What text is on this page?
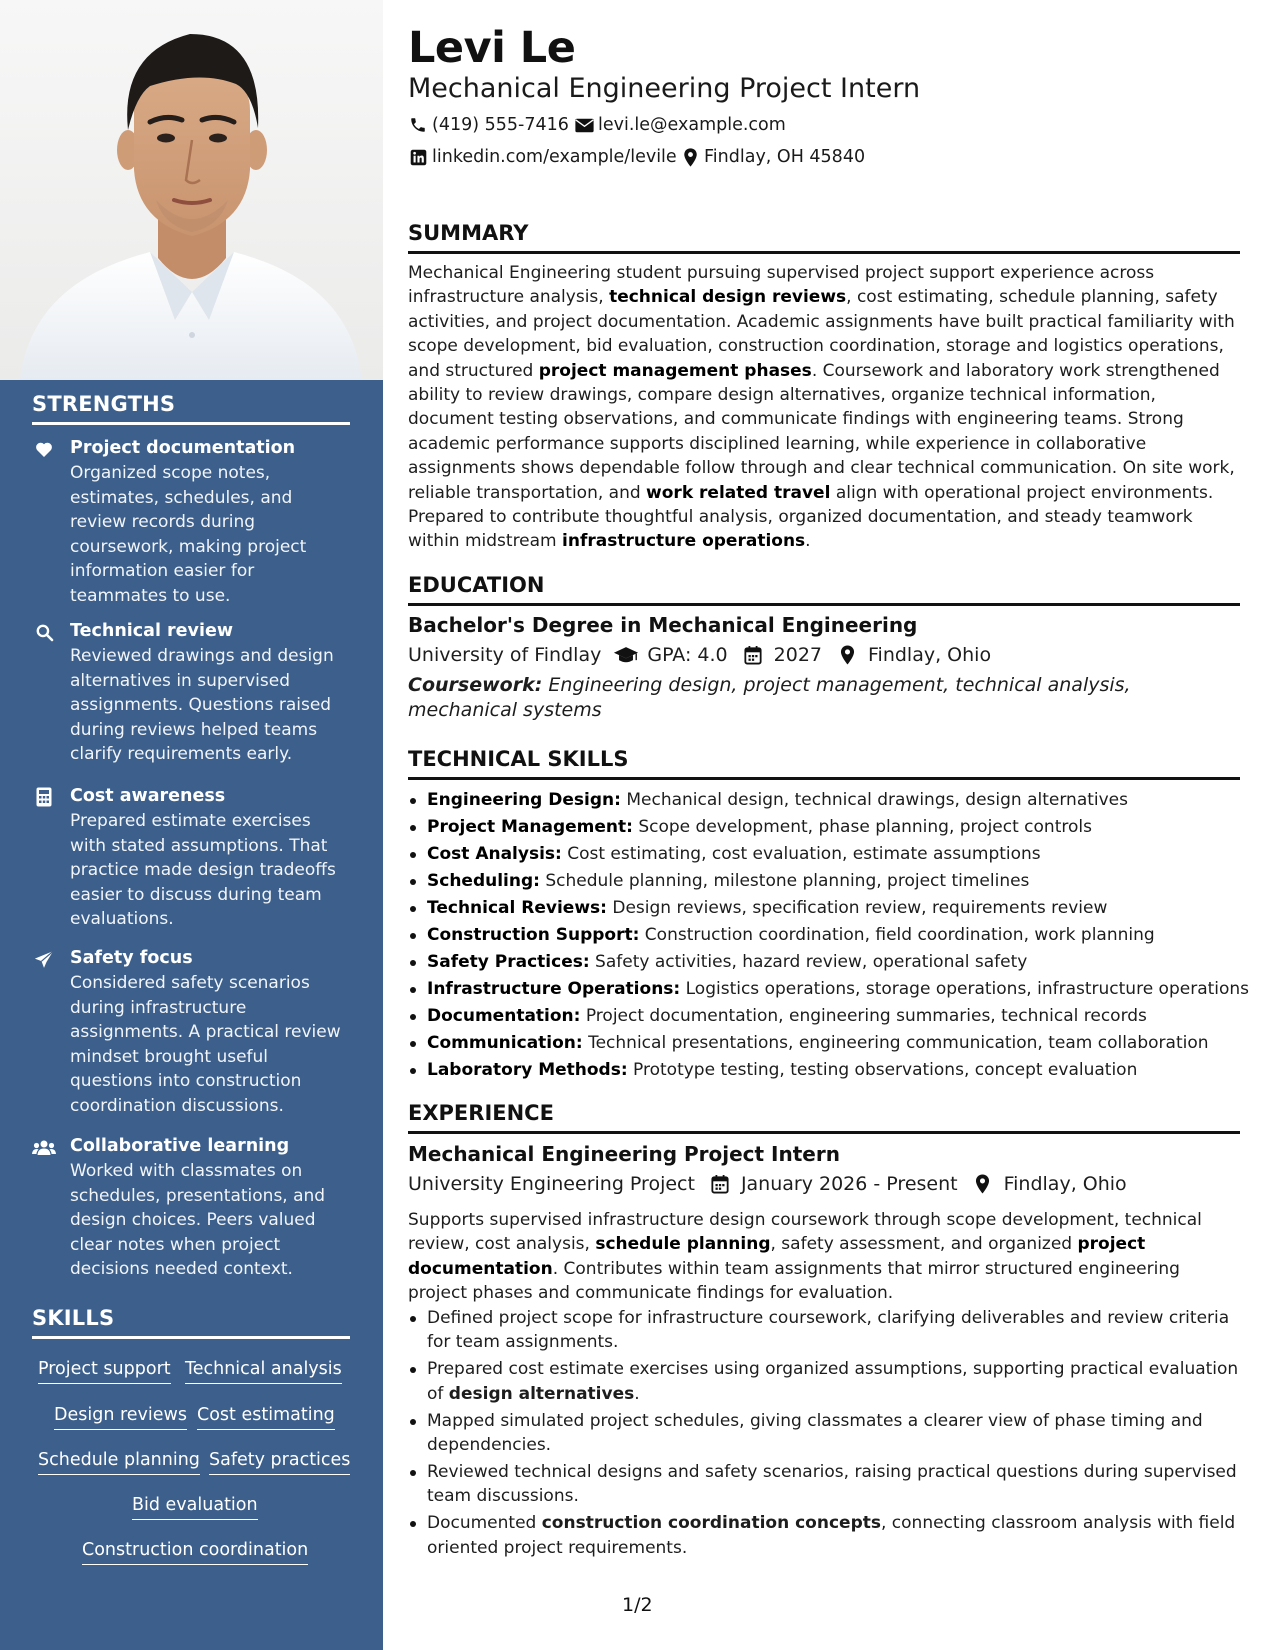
STRENGTHS
Project documentation
Organized scope notes, estimates, schedules, and review records during coursework, making project information easier for teammates to use.
Technical review
Reviewed drawings and design alternatives in supervised assignments. Questions raised during reviews helped teams clarify requirements early.
Cost awareness
Prepared estimate exercises with stated assumptions. That practice made design tradeoffs easier to discuss during team evaluations.
Safety focus
Considered safety scenarios during infrastructure assignments. A practical review mindset brought useful questions into construction coordination discussions.
Collaborative learning
Worked with classmates on schedules, presentations, and design choices. Peers valued clear notes when project decisions needed context.
SKILLS
Project support Technical analysis
Design reviews Cost estimating
Schedule planning Safety practices
Bid evaluation
Construction coordination
Levi Le
Mechanical Engineering Project Intern
(419) 555-7416 levi.le@example.com
linkedin.com/example/levile Findlay, OH 45840
SUMMARY
Mechanical Engineering student pursuing supervised project support experience across infrastructure analysis, technical design reviews, cost estimating, schedule planning, safety activities, and project documentation. Academic assignments have built practical familiarity with scope development, bid evaluation, construction coordination, storage and logistics operations, and structured project management phases. Coursework and laboratory work strengthened ability to review drawings, compare design alternatives, organize technical information, document testing observations, and communicate findings with engineering teams. Strong academic performance supports disciplined learning, while experience in collaborative assignments shows dependable follow through and clear technical communication. On site work, reliable transportation, and work related travel align with operational project environments. Prepared to contribute thoughtful analysis, organized documentation, and steady teamwork within midstream infrastructure operations.
EDUCATION
Bachelor's Degree in Mechanical Engineering
University of Findlay GPA: 4.0 2027 Findlay, Ohio
Coursework: Engineering design, project management, technical analysis, mechanical systems
TECHNICAL SKILLS
Engineering Design: Mechanical design, technical drawings, design alternatives
Project Management: Scope development, phase planning, project controls
Cost Analysis: Cost estimating, cost evaluation, estimate assumptions
Scheduling: Schedule planning, milestone planning, project timelines
Technical Reviews: Design reviews, specification review, requirements review
Construction Support: Construction coordination, field coordination, work planning
Safety Practices: Safety activities, hazard review, operational safety
Infrastructure Operations: Logistics operations, storage operations, infrastructure operations
Documentation: Project documentation, engineering summaries, technical records
Communication: Technical presentations, engineering communication, team collaboration
Laboratory Methods: Prototype testing, testing observations, concept evaluation
EXPERIENCE
Mechanical Engineering Project Intern
University Engineering Project January 2026 - Present Findlay, Ohio
Supports supervised infrastructure design coursework through scope development, technical review, cost analysis, schedule planning, safety assessment, and organized project documentation. Contributes within team assignments that mirror structured engineering project phases and communicate findings for evaluation.
Defined project scope for infrastructure coursework, clarifying deliverables and review criteria for team assignments.
Prepared cost estimate exercises using organized assumptions, supporting practical evaluation of design alternatives.
Mapped simulated project schedules, giving classmates a clearer view of phase timing and dependencies.
Reviewed technical designs and safety scenarios, raising practical questions during supervised team discussions.
Documented construction coordination concepts, connecting classroom analysis with field oriented project requirements.
1/2
